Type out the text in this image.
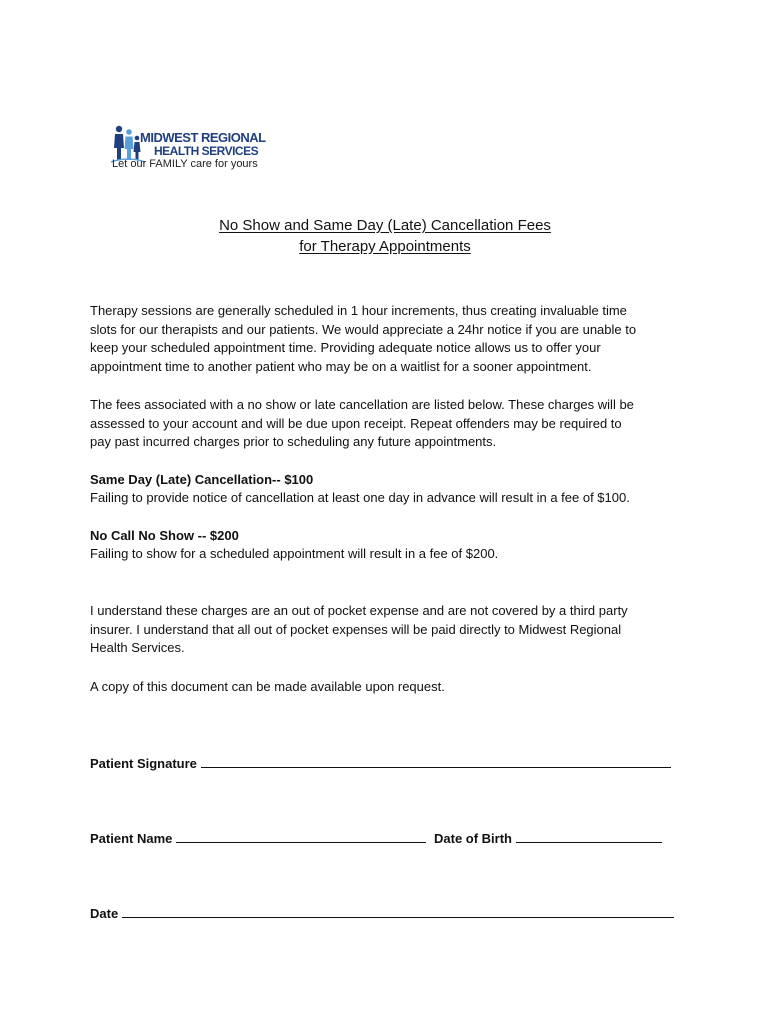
MIDWEST REGIONAL
HEALTH SERVICES
Let our FAMILY care for yours
No Show and Same Day (Late) Cancellation Fees
for Therapy Appointments
Therapy sessions are generally scheduled in 1 hour increments, thus creating invaluable time
slots for our therapists and our patients. We would appreciate a 24hr notice if you are unable to
keep your scheduled appointment time. Providing adequate notice allows us to offer your
appointment time to another patient who may be on a waitlist for a sooner appointment.
The fees associated with a no show or late cancellation are listed below. These charges will be
assessed to your account and will be due upon receipt. Repeat offenders may be required to
pay past incurred charges prior to scheduling any future appointments.
Same Day (Late) Cancellation-- $100
Failing to provide notice of cancellation at least one day in advance will result in a fee of $100.
No Call No Show -- $200
Failing to show for a scheduled appointment will result in a fee of $200.
I understand these charges are an out of pocket expense and are not covered by a third party
insurer. I understand that all out of pocket expenses will be paid directly to Midwest Regional
Health Services.
A copy of this document can be made available upon request.
Patient Signature
Patient Name	Date of Birth
Date
